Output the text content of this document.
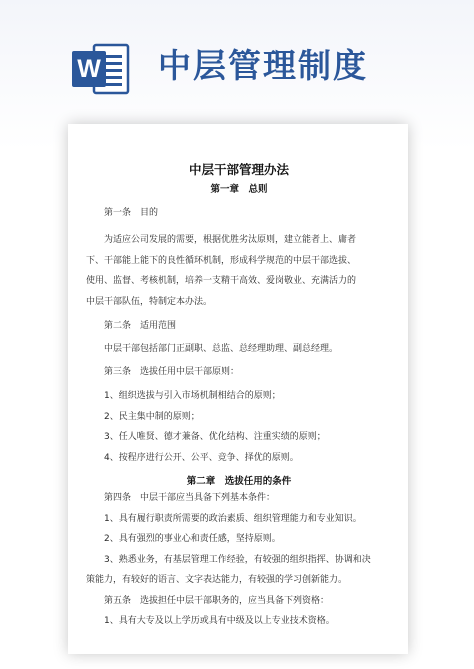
W 中层管理制度
中层干部管理办法
第一章　总则
第一条　目的
为适应公司发展的需要，根据优胜劣汰原则，建立能者上、庸者
下、干部能上能下的良性循环机制，形成科学规范的中层干部选拔、
使用、监督、考核机制，培养一支精干高效、爱岗敬业、充满活力的
中层干部队伍，特制定本办法。
第二条　适用范围
中层干部包括部门正副职、总监、总经理助理、副总经理。
第三条　选拔任用中层干部原则：
1、组织选拔与引入市场机制相结合的原则；
2、民主集中制的原则；
3、任人唯贤、德才兼备、优化结构、注重实绩的原则；
4、按程序进行公开、公平、竞争、择优的原则。
第二章　选拔任用的条件
第四条　中层干部应当具备下列基本条件：
1、具有履行职责所需要的政治素质、组织管理能力和专业知识。
2、具有强烈的事业心和责任感，坚持原则。
3、熟悉业务，有基层管理工作经验，有较强的组织指挥、协调和决
策能力，有较好的语言、文字表达能力，有较强的学习创新能力。
第五条　选拔担任中层干部职务的，应当具备下列资格：
1、具有大专及以上学历或具有中级及以上专业技术资格。
